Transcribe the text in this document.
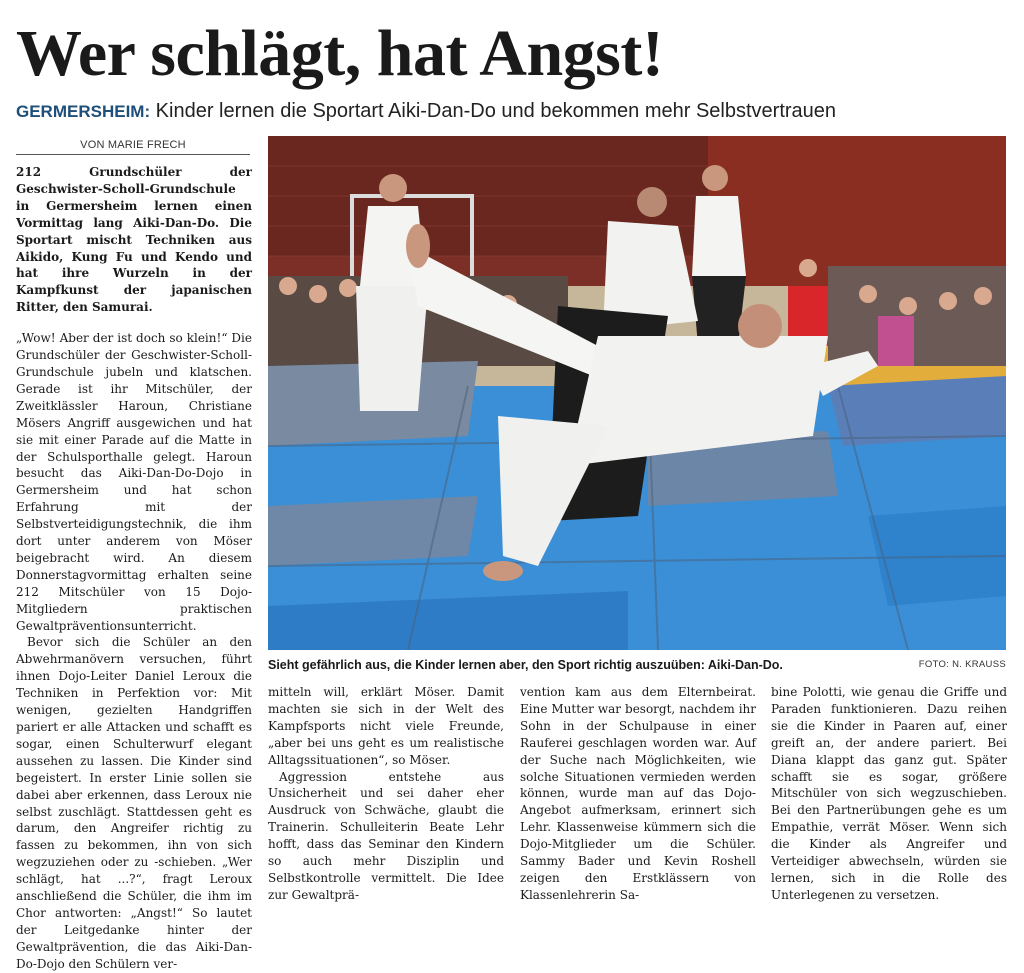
Wer schlägt, hat Angst!
GERMERSHEIM: Kinder lernen die Sportart Aiki-Dan-Do und bekommen mehr Selbstvertrauen
VON MARIE FRECH

212 Grundschüler der Geschwister-Scholl-Grundschule in Germersheim lernen einen Vormittag lang Aiki-Dan-Do. Die Sportart mischt Techniken aus Aikido, Kung Fu und Kendo und hat ihre Wurzeln in der Kampfkunst der japanischen Ritter, den Samurai.

„Wow! Aber der ist doch so klein!“ Die Grundschüler der Geschwister-Scholl-Grundschule jubeln und klatschen. Gerade ist ihr Mitschüler, der Zweitklässler Haroun, Christiane Mösers Angriff ausgewichen und hat sie mit einer Parade auf die Matte in der Schulsporthalle gelegt. Haroun besucht das Aiki-Dan-Do-Dojo in Germersheim und hat schon Erfahrung mit der Selbstverteidigungstechnik, die ihm dort unter anderem von Möser beigebracht wird. An diesem Donnerstagvormittag erhalten seine 212 Mitschüler von 15 Dojo-Mitgliedern praktischen Gewaltpräventionsunterricht.

Bevor sich die Schüler an den Abwehrmanövern versuchen, führt ihnen Dojo-Leiter Daniel Leroux die Techniken in Perfektion vor: Mit wenigen, gezielten Handgriffen pariert er alle Attacken und schafft es sogar, einen Schulterwurf elegant aussehen zu lassen. Die Kinder sind begeistert. In erster Linie sollen sie dabei aber erkennen, dass Leroux nie selbst zuschlägt. Stattdessen geht es darum, den Angreifer richtig zu fassen zu bekommen, ihn von sich wegzuziehen oder zu -schieben. „Wer schlägt, hat ...?“, fragt Leroux anschließend die Schüler, die ihm im Chor antworten: „Angst!“ So lautet der Leitgedanke hinter der Gewaltprävention, die das Aiki-Dan-Do-Dojo den Schülern ver-

Sieht gefährlich aus, die Kinder lernen aber, den Sport richtig auszuüben: Aiki-Dan-Do.	FOTO: N. KRAUSS

mitteln will, erklärt Möser. Damit machten sie sich in der Welt des Kampfsports nicht viele Freunde, „aber bei uns geht es um realistische Alltagssituationen“, so Möser.

Aggression entstehe aus Unsicherheit und sei daher eher Ausdruck von Schwäche, glaubt die Trainerin. Schulleiterin Beate Lehr hofft, dass das Seminar den Kindern so auch mehr Disziplin und Selbstkontrolle vermittelt. Die Idee zur Gewaltprä-

vention kam aus dem Elternbeirat. Eine Mutter war besorgt, nachdem ihr Sohn in der Schulpause in einer Rauferei geschlagen worden war. Auf der Suche nach Möglichkeiten, wie solche Situationen vermieden werden können, wurde man auf das Dojo-Angebot aufmerksam, erinnert sich Lehr. Klassenweise kümmern sich die Dojo-Mitglieder um die Schüler. Sammy Bader und Kevin Roshell zeigen den Erstklässern von Klassenlehrerin Sa-

bine Polotti, wie genau die Griffe und Paraden funktionieren. Dazu reihen sie die Kinder in Paaren auf, einer greift an, der andere pariert. Bei Diana klappt das ganz gut. Später schafft sie es sogar, größere Mitschüler von sich wegzuschieben. Bei den Partnerübungen gehe es um Empathie, verrät Möser. Wenn sich die Kinder als Angreifer und Verteidiger abwechseln, würden sie lernen, sich in die Rolle des Unterlegenen zu versetzen.
